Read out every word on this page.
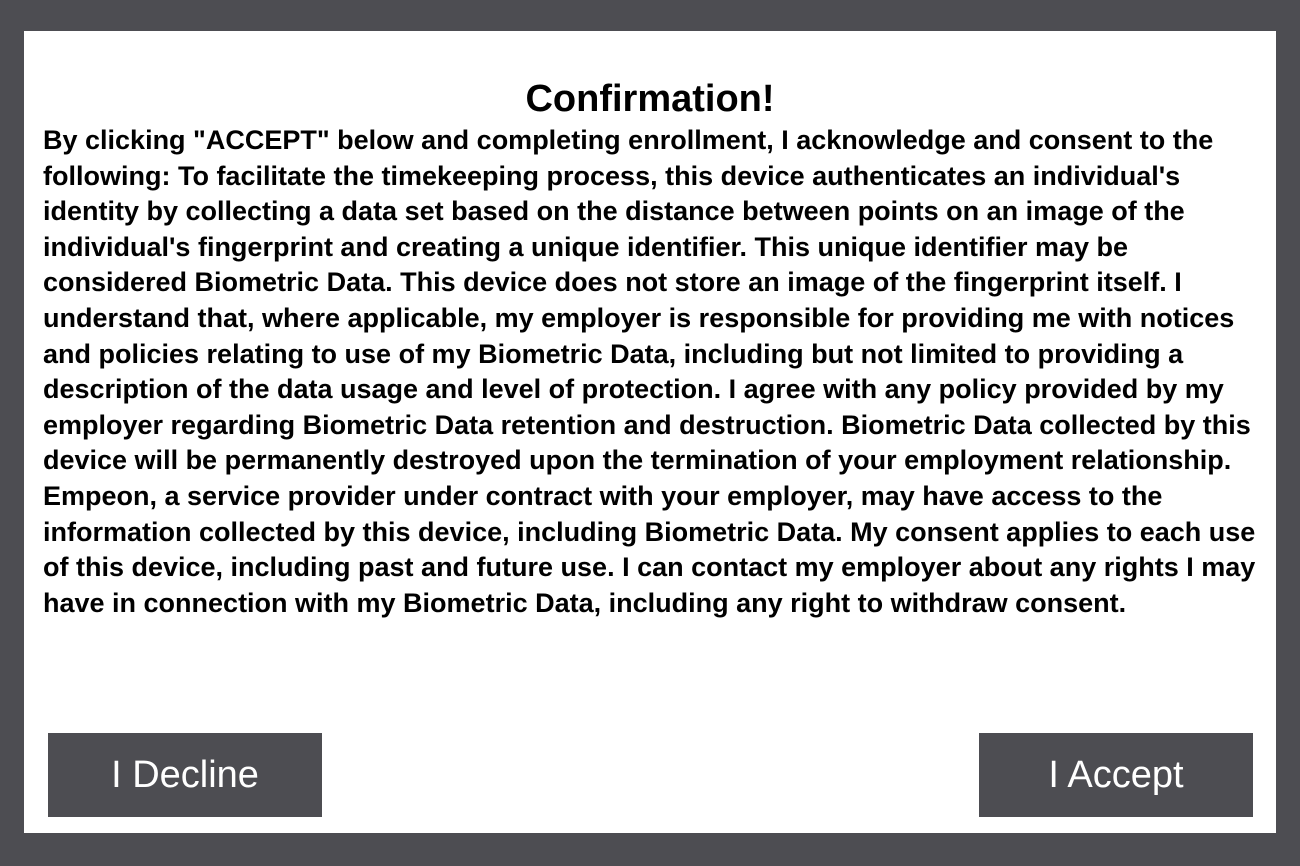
Confirmation!

By clicking "ACCEPT" below and completing enrollment, I acknowledge and consent to the following: To facilitate the timekeeping process, this device authenticates an individual's identity by collecting a data set based on the distance between points on an image of the individual's fingerprint and creating a unique identifier. This unique identifier may be considered Biometric Data. This device does not store an image of the fingerprint itself. I understand that, where applicable, my employer is responsible for providing me with notices and policies relating to use of my Biometric Data, including but not limited to providing a description of the data usage and level of protection. I agree with any policy provided by my employer regarding Biometric Data retention and destruction. Biometric Data collected by this device will be permanently destroyed upon the termination of your employment relationship. Empeon, a service provider under contract with your employer, may have access to the information collected by this device, including Biometric Data. My consent applies to each use of this device, including past and future use. I can contact my employer about any rights I may have in connection with my Biometric Data, including any right to withdraw consent.

I Decline	I Accept
